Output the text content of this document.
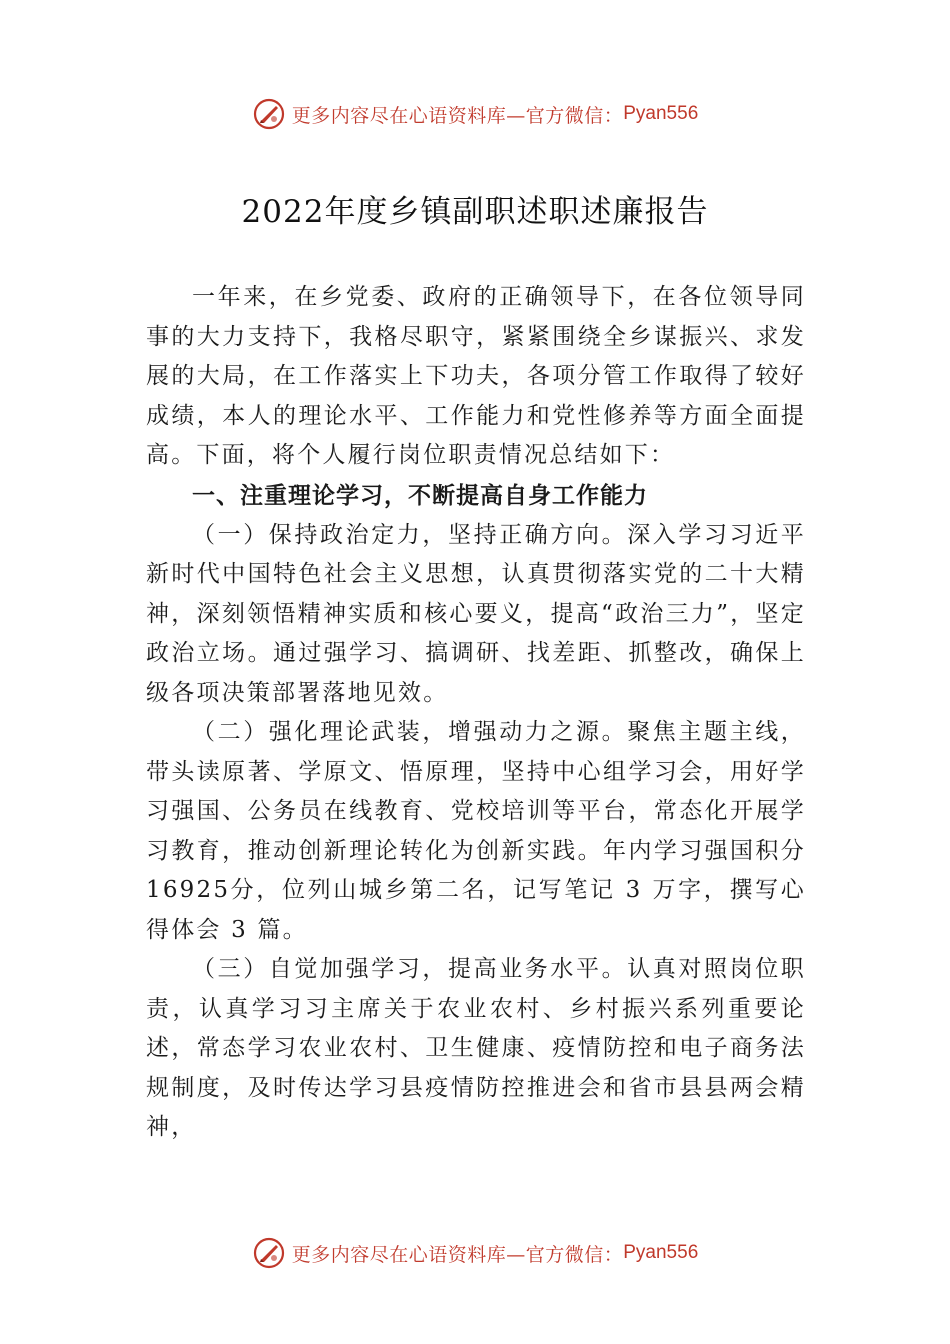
更多内容尽在心语资料库—官方微信： Pyan556
2022年度乡镇副职述职述廉报告

一年来，在乡党委、政府的正确领导下，在各位领导同事的大力支持下，我格尽职守，紧紧围绕全乡谋振兴、求发展的大局，在工作落实上下功夫，各项分管工作取得了较好成绩，本人的理论水平、工作能力和党性修养等方面全面提高。下面，将个人履行岗位职责情况总结如下：

一、注重理论学习，不断提高自身工作能力

（一）保持政治定力，坚持正确方向。深入学习习近平新时代中国特色社会主义思想，认真贯彻落实党的二十大精神，深刻领悟精神实质和核心要义，提高“政治三力”，坚定政治立场。通过强学习、搞调研、找差距、抓整改，确保上级各项决策部署落地见效。

（二）强化理论武装，增强动力之源。聚焦主题主线，带头读原著、学原文、悟原理，坚持中心组学习会，用好学习强国、公务员在线教育、党校培训等平台，常态化开展学习教育，推动创新理论转化为创新实践。年内学习强国积分16925分，位列山城乡第二名，记写笔记 3 万字，撰写心得体会 3 篇。

（三）自觉加强学习，提高业务水平。认真对照岗位职责，认真学习习主席关于农业农村、乡村振兴系列重要论述，常态学习农业农村、卫生健康、疫情防控和电子商务法规制度，及时传达学习县疫情防控推进会和省市县县两会精神，

更多内容尽在心语资料库—官方微信： Pyan556
